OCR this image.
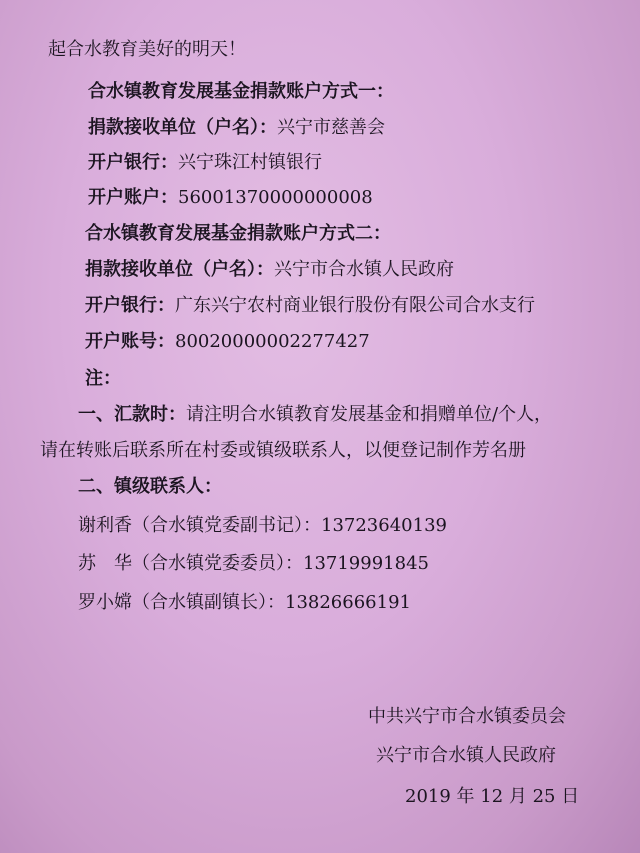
起合水教育美好的明天！
合水镇教育发展基金捐款账户方式一：
捐款接收单位（户名）：兴宁市慈善会
开户银行：兴宁珠江村镇银行
开户账户：56001370000000008
合水镇教育发展基金捐款账户方式二：
捐款接收单位（户名）：兴宁市合水镇人民政府
开户银行：广东兴宁农村商业银行股份有限公司合水支行
开户账号：80020000002277427
注：
一、汇款时：请注明合水镇教育发展基金和捐赠单位/个人，
请在转账后联系所在村委或镇级联系人，以便登记制作芳名册
二、镇级联系人：
谢利香（合水镇党委副书记）：13723640139
苏　华（合水镇党委委员）：13719991845
罗小嫦（合水镇副镇长）：13826666191
中共兴宁市合水镇委员会
兴宁市合水镇人民政府
2019 年 12 月 25 日
